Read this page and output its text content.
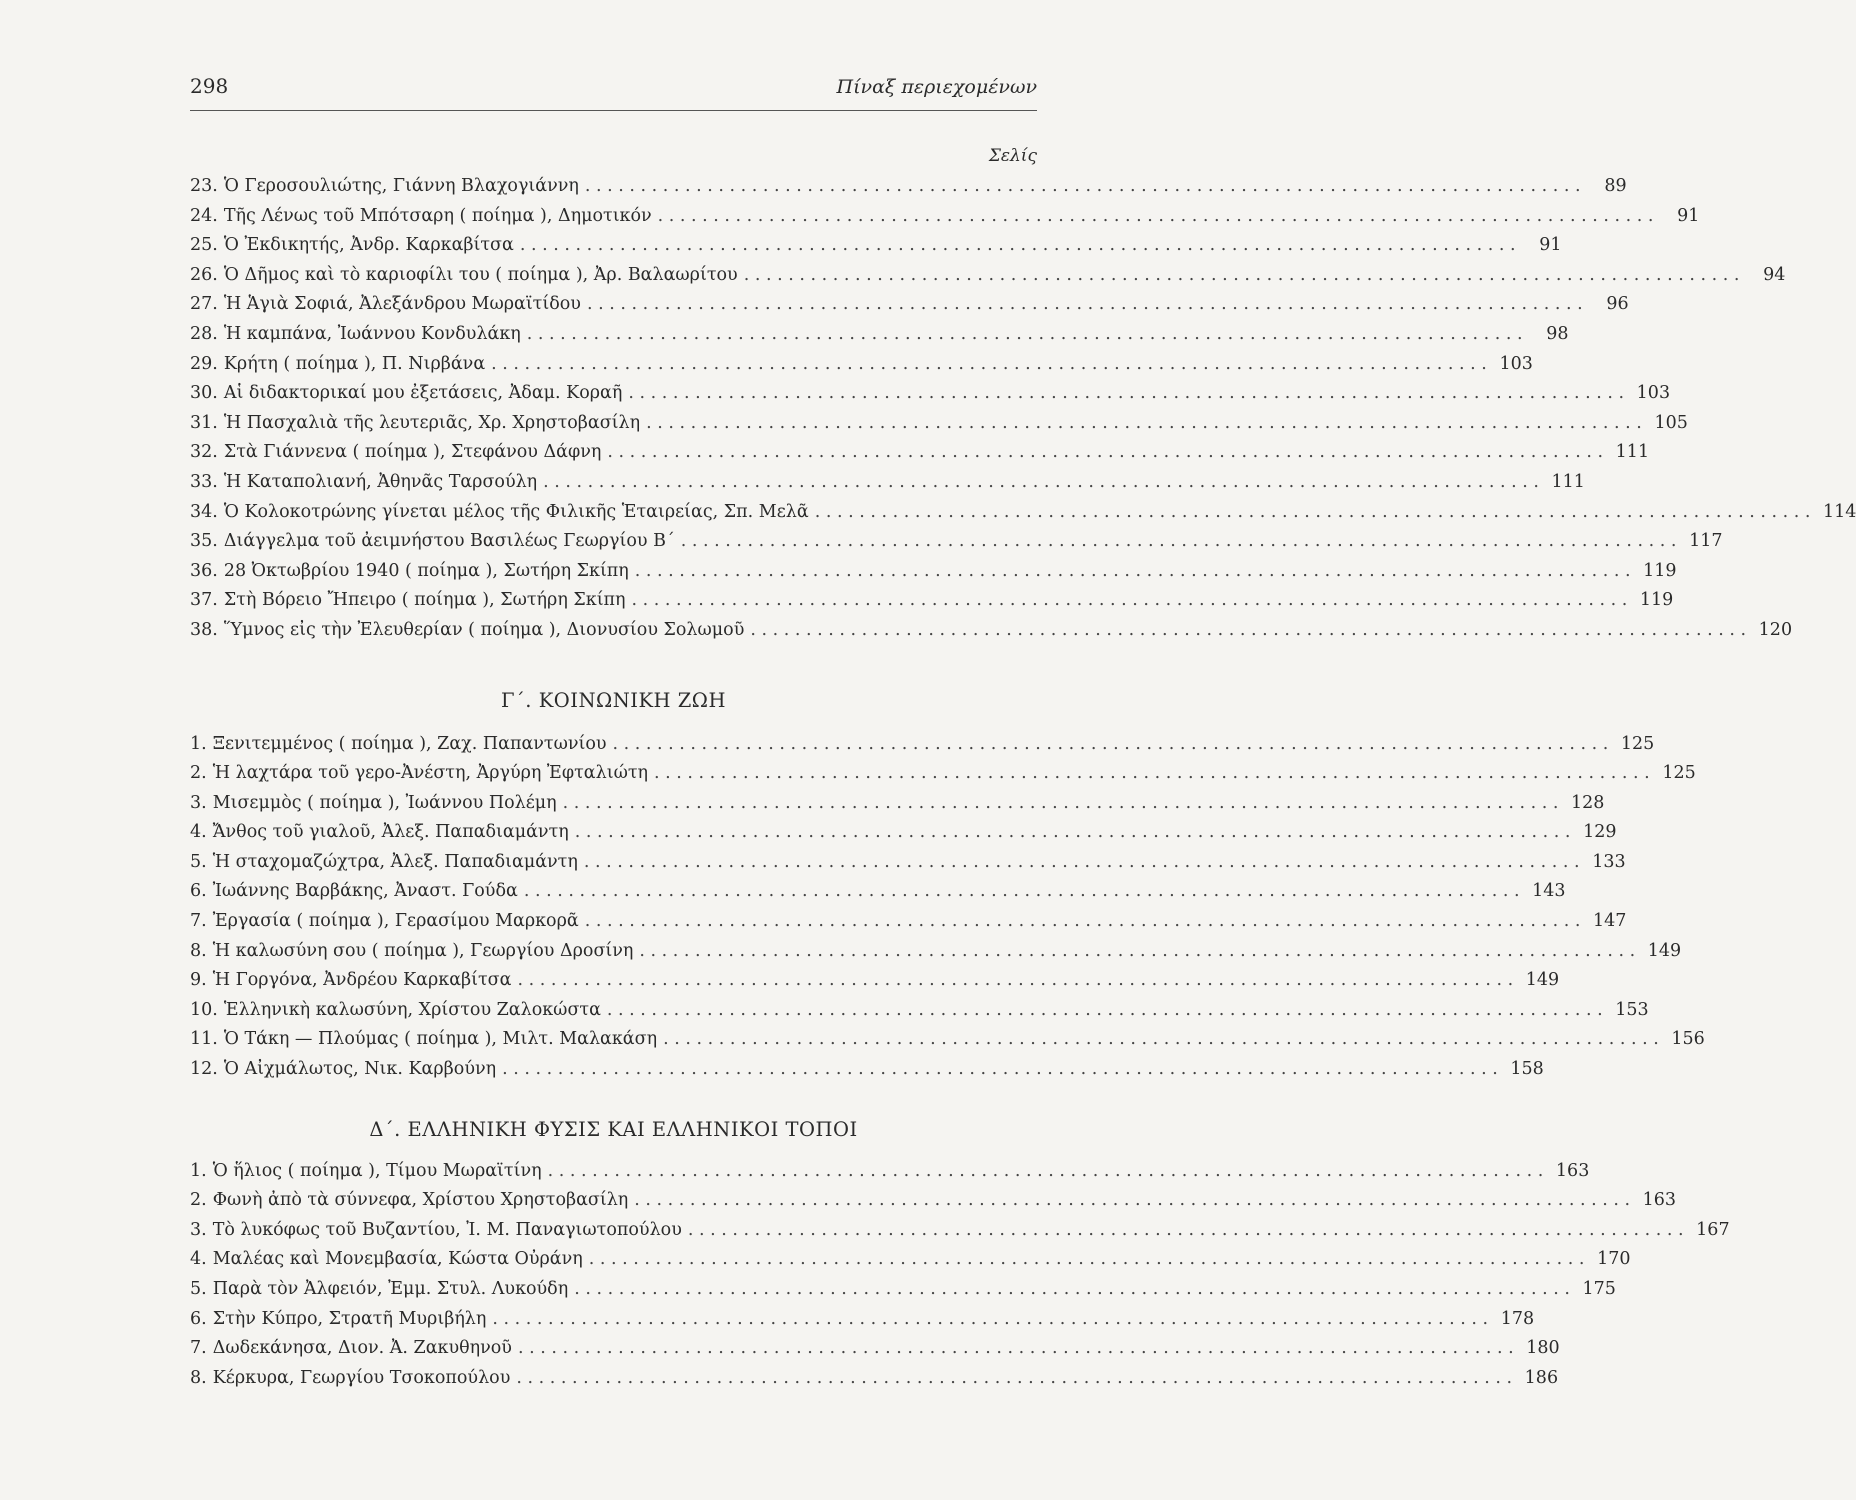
298	Πίναξ περιεχομένων
Σελίς
23. Ὁ Γεροσουλιώτης, Γιάννη Βλαχογιάννη . . .	89
24. Τῆς Λένως τοῦ Μπότσαρη ( ποίημα ), Δημοτικόν . . .	91
25. Ὁ Ἐκδικητής, Ἀνδρ. Καρκαβίτσα . . .	91
26. Ὁ Δῆμος καὶ τὸ καριοφίλι του ( ποίημα ), Ἀρ. Βαλαωρίτου . . .	94
27. Ἡ Ἁγιὰ Σοφιά, Ἀλεξάνδρου Μωραϊτίδου . . .	96
28. Ἡ καμπάνα, Ἰωάννου Κονδυλάκη . . .	98
29. Κρήτη ( ποίημα ), Π. Νιρβάνα . . .	103
30. Αἱ διδακτορικαί μου ἐξετάσεις, Ἀδαμ. Κοραῆ . . .	103
31. Ἡ Πασχαλιὰ τῆς λευτεριᾶς, Χρ. Χρηστοβασίλη . . .	105
32. Στὰ Γιάννενα ( ποίημα ), Στεφάνου Δάφνη . . .	111
33. Ἡ Καταπολιανή, Ἀθηνᾶς Ταρσούλη . . .	111
34. Ὁ Κολοκοτρώνης γίνεται μέλος τῆς Φιλικῆς Ἑταιρείας, Σπ. Μελᾶ . . .	114
35. Διάγγελμα τοῦ ἀειμνήστου Βασιλέως Γεωργίου Β΄ . . .	117
36. 28 Ὀκτωβρίου 1940 ( ποίημα ), Σωτήρη Σκίπη . . .	119
37. Στὴ Βόρειο Ἤπειρο ( ποίημα ), Σωτήρη Σκίπη . . .	119
38. Ὕμνος εἰς τὴν Ἐλευθερίαν ( ποίημα ), Διονυσίου Σολωμοῦ . . .	120
Γ΄. ΚΟΙΝΩΝΙΚΗ ΖΩΗ
1. Ξενιτεμμένος ( ποίημα ), Ζαχ. Παπαντωνίου . . .	125
2. Ἡ λαχτάρα τοῦ γερο-Ἀνέστη, Ἀργύρη Ἐφταλιώτη . . .	125
3. Μισεμμὸς ( ποίημα ), Ἰωάννου Πολέμη . . .	128
4. Ἄνθος τοῦ γιαλοῦ, Ἀλεξ. Παπαδιαμάντη . . .	129
5. Ἡ σταχομαζώχτρα, Ἀλεξ. Παπαδιαμάντη . . .	133
6. Ἰωάννης Βαρβάκης, Ἀναστ. Γούδα . . .	143
7. Ἐργασία ( ποίημα ), Γερασίμου Μαρκορᾶ . . .	147
8. Ἡ καλωσύνη σου ( ποίημα ), Γεωργίου Δροσίνη . . .	149
9. Ἡ Γοργόνα, Ἀνδρέου Καρκαβίτσα . . .	149
10. Ἑλληνικὴ καλωσύνη, Χρίστου Ζαλοκώστα . . .	153
11. Ὁ Τάκη — Πλούμας ( ποίημα ), Μιλτ. Μαλακάση . . .	156
12. Ὁ Αἰχμάλωτος, Νικ. Καρβούνη . . .	158
Δ΄. ΕΛΛΗΝΙΚΗ ΦΥΣΙΣ ΚΑΙ ΕΛΛΗΝΙΚΟΙ ΤΟΠΟΙ
1. Ὁ ἥλιος ( ποίημα ), Τίμου Μωραϊτίνη . . .	163
2. Φωνὴ ἀπὸ τὰ σύννεφα, Χρίστου Χρηστοβασίλη . . .	163
3. Τὸ λυκόφως τοῦ Βυζαντίου, Ἰ. Μ. Παναγιωτοπούλου . . .	167
4. Μαλέας καὶ Μονεμβασία, Κώστα Οὐράνη . . .	170
5. Παρὰ τὸν Ἀλφειόν, Ἐμμ. Στυλ. Λυκούδη . . .	175
6. Στὴν Κύπρο, Στρατῆ Μυριβήλη . . .	178
7. Δωδεκάνησα, Διον. Ἀ. Ζακυθηνοῦ . . .	180
8. Κέρκυρα, Γεωργίου Τσοκοπούλου . . .	186
